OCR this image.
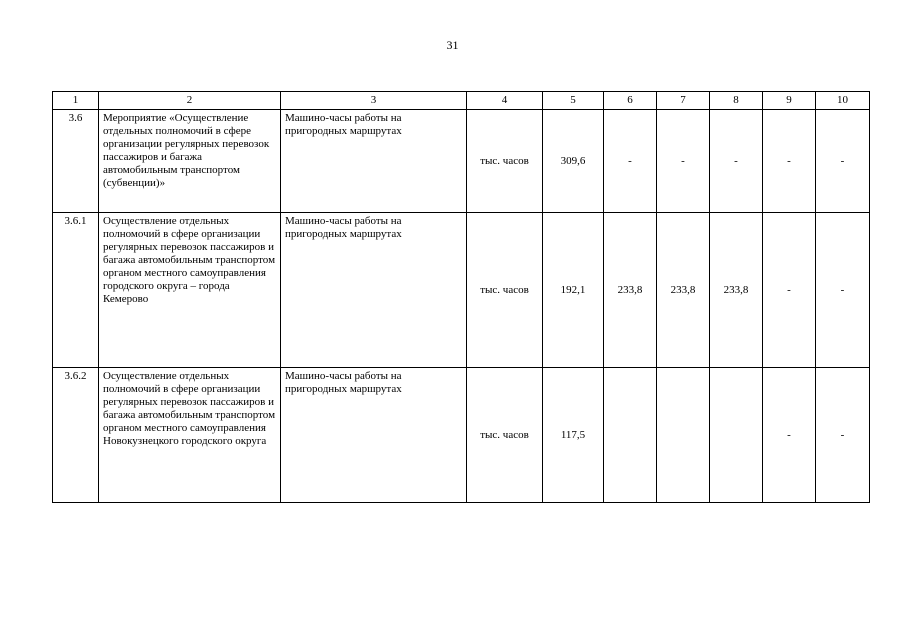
31
1	2	3	4	5	6	7	8	9	10
3.6	Мероприятие «Осуществление отдельных полномочий в сфере организации регулярных перевозок пассажиров и багажа автомобильным транспортом (субвенции)»	Машино-часы работы на пригородных маршрутах	тыс. часов	309,6	-	-	-	-	-
3.6.1	Осуществление отдельных полномочий в сфере организации регулярных перевозок пассажиров и багажа автомобильным транспортом органом местного самоуправления городского округа – города Кемерово	Машино-часы работы на пригородных маршрутах	тыс. часов	192,1	233,8	233,8	233,8	-	-
3.6.2	Осуществление отдельных полномочий в сфере организации регулярных перевозок пассажиров и багажа автомобильным транспортом органом местного самоуправления Новокузнецкого городского округа	Машино-часы работы на пригородных маршрутах	тыс. часов	117,5				-	-
